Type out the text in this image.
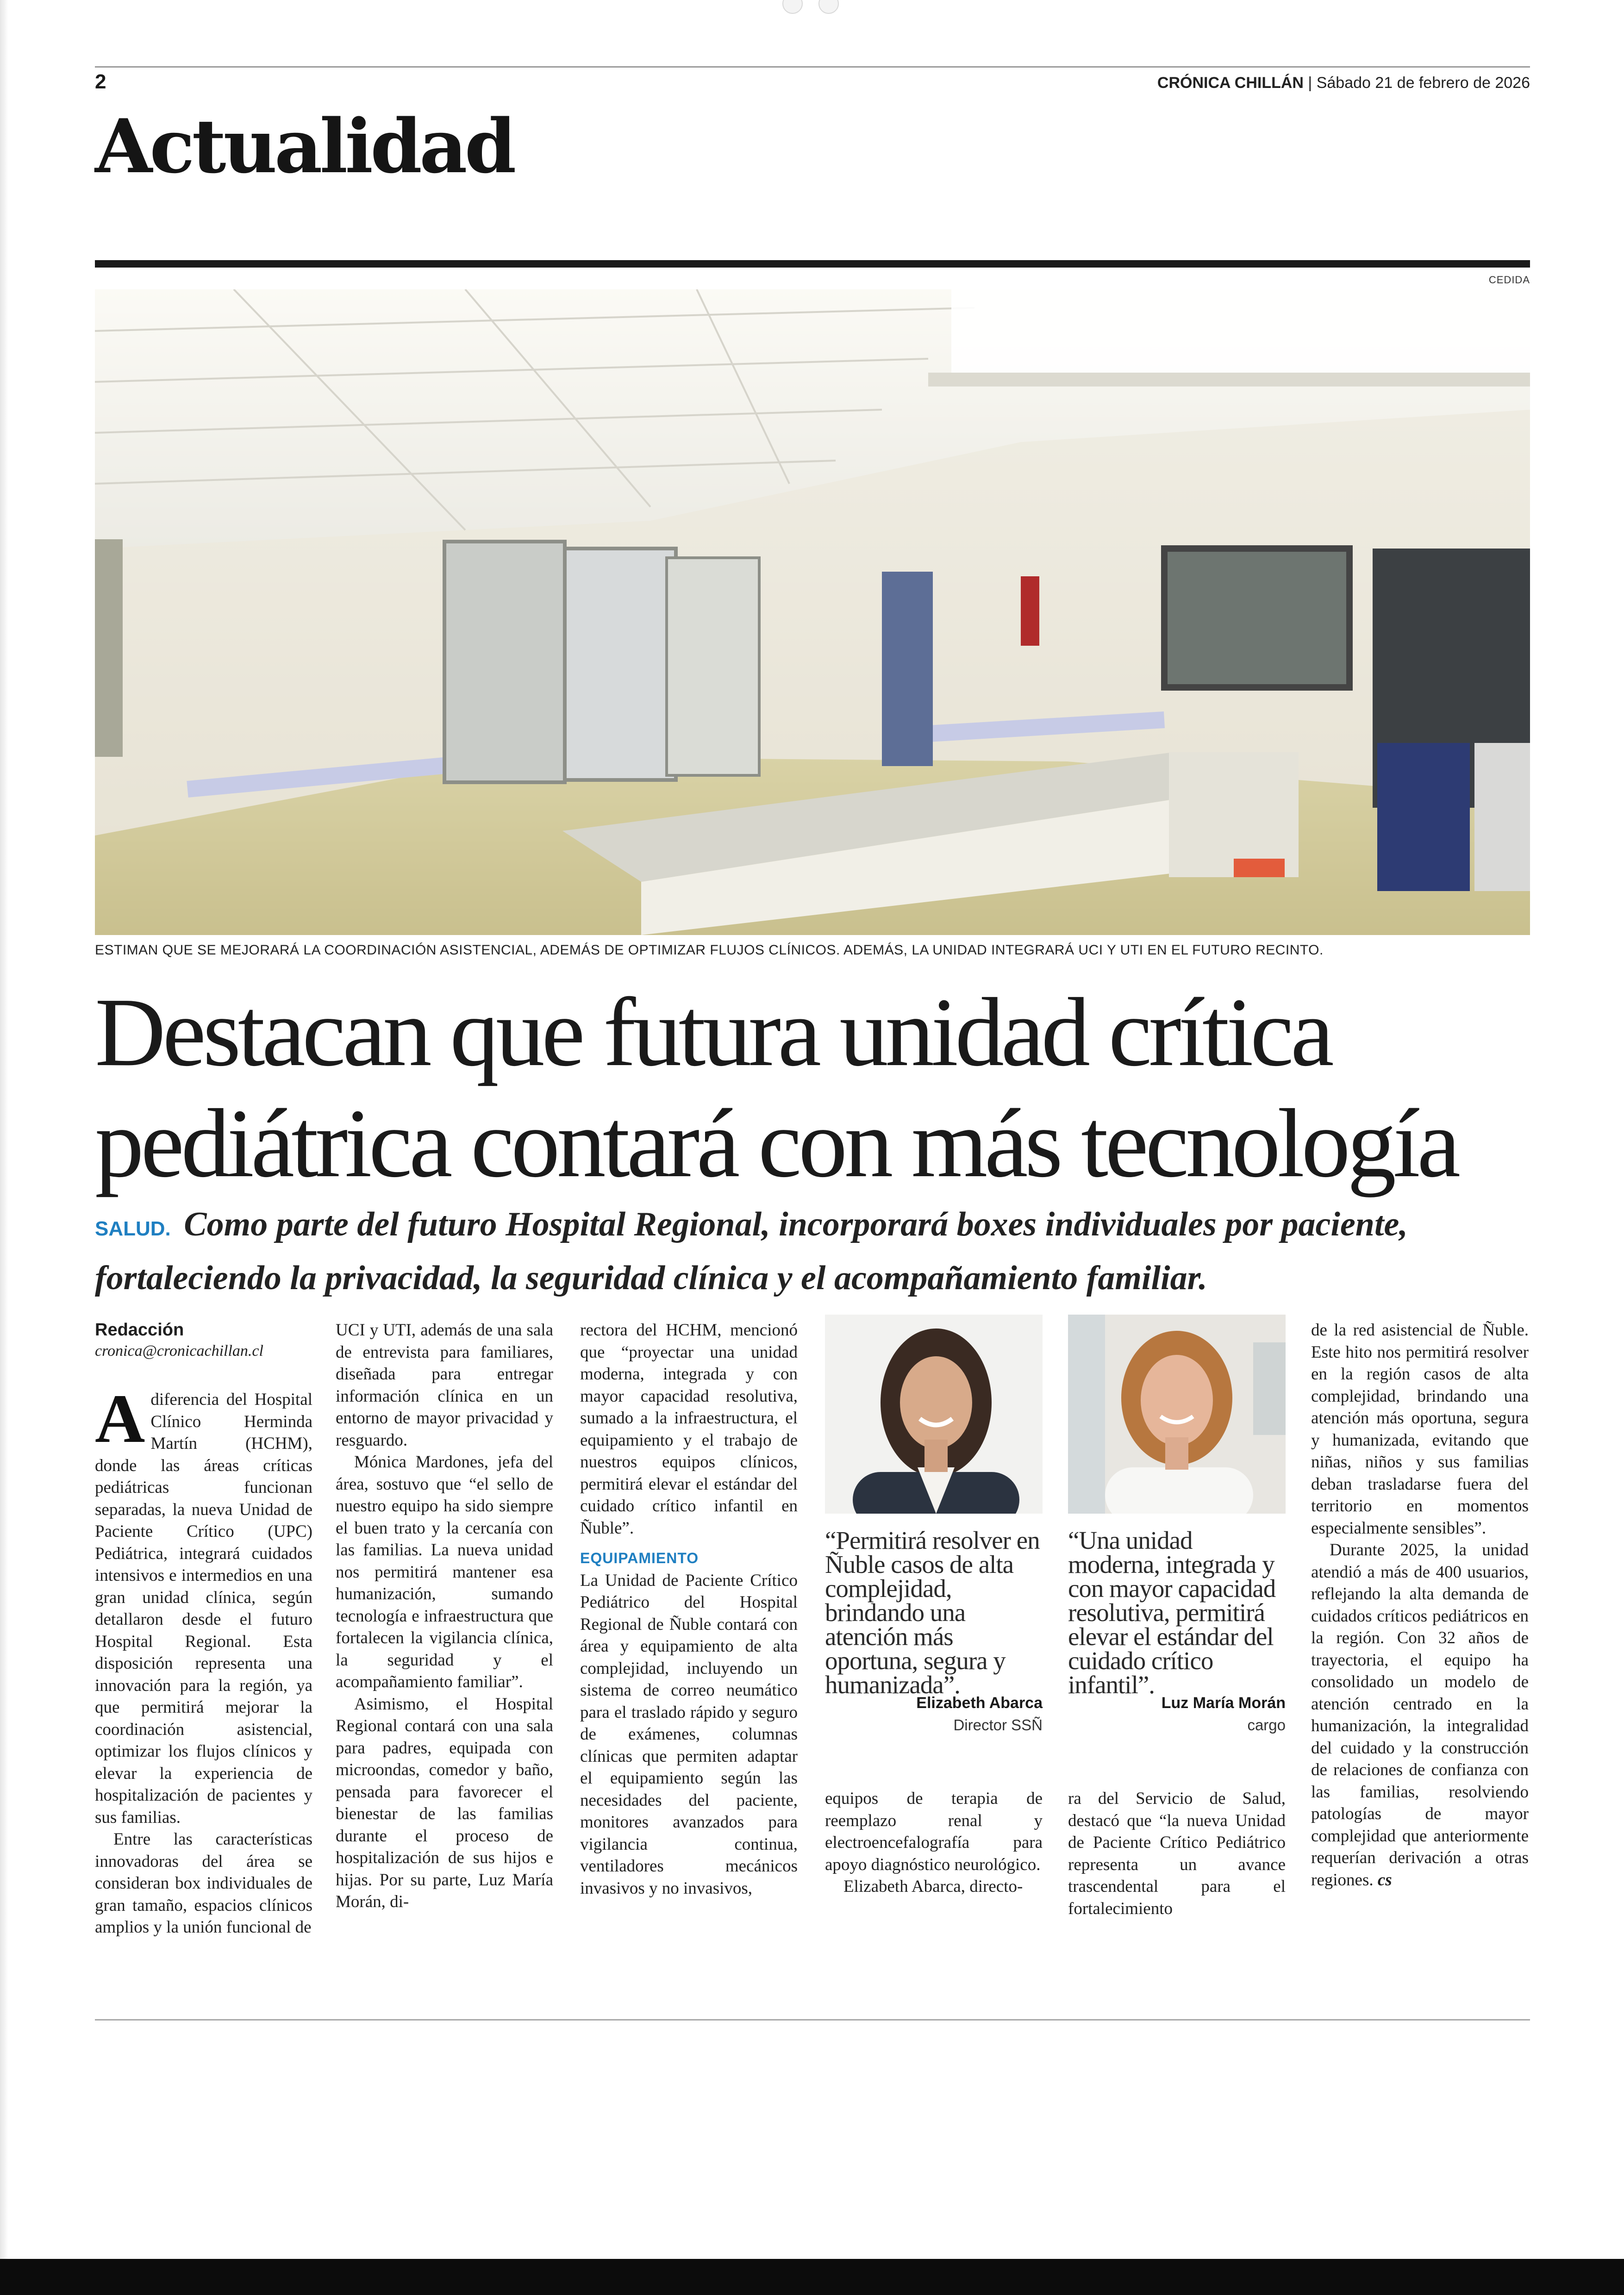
2	CRÓNICA CHILLÁN | Sábado 21 de febrero de 2026
Actualidad
CEDIDA
ESTIMAN QUE SE MEJORARÁ LA COORDINACIÓN ASISTENCIAL, ADEMÁS DE OPTIMIZAR FLUJOS CLÍNICOS. ADEMÁS, LA UNIDAD INTEGRARÁ UCI Y UTI EN EL FUTURO RECINTO.
Destacan que futura unidad crítica
pediátrica contará con más tecnología
SALUD. Como parte del futuro Hospital Regional, incorporará boxes individuales por paciente, fortaleciendo la privacidad, la seguridad clínica y el acompañamiento familiar.
Redacción
cronica@cronicachillan.cl

Adiferencia del Hospital Clínico Herminda Martín (HCHM), donde las áreas críticas pediátricas funcionan separadas, la nueva Unidad de Paciente Crítico (UPC) Pediátrica, integrará cuidados intensivos e intermedios en una gran unidad clínica, según detallaron desde el futuro Hospital Regional. Esta disposición representa una innovación para la región, ya que permitirá mejorar la coordinación asistencial, optimizar los flujos clínicos y elevar la experiencia de hospitalización de pacientes y sus familias.

Entre las características innovadoras del área se consideran box individuales de gran tamaño, espacios clínicos amplios y la unión funcional de

UCI y UTI, además de una sala de entrevista para familiares, diseñada para entregar información clínica en un entorno de mayor privacidad y resguardo.

Mónica Mardones, jefa del área, sostuvo que “el sello de nuestro equipo ha sido siempre el buen trato y la cercanía con las familias. La nueva unidad nos permitirá mantener esa humanización, sumando tecnología e infraestructura que fortalecen la vigilancia clínica, la seguridad y el acompañamiento familiar”.

Asimismo, el Hospital Regional contará con una sala para padres, equipada con microondas, comedor y baño, pensada para favorecer el bienestar de las familias durante el proceso de hospitalización de sus hijos e hijas. Por su parte, Luz María Morán, di-

rectora del HCHM, mencionó que “proyectar una unidad moderna, integrada y con mayor capacidad resolutiva, sumado a la infraestructura, el equipamiento y el trabajo de nuestros equipos clínicos, permitirá elevar el estándar del cuidado crítico infantil en Ñuble”.

EQUIPAMIENTO

La Unidad de Paciente Crítico Pediátrico del Hospital Regional de Ñuble contará con área y equipamiento de alta complejidad, incluyendo un sistema de correo neumático para el traslado rápido y seguro de exámenes, columnas clínicas que permiten adaptar el equipamiento según las necesidades del paciente, monitores avanzados para vigilancia continua, ventiladores mecánicos invasivos y no invasivos,

“Permitirá resolver en Ñuble casos de alta complejidad, brindando una atención más oportuna, segura y humanizada”.
“Una unidad moderna, integrada y con mayor capacidad resolutiva, permitirá elevar el estándar del cuidado crítico infantil”.
Elizabeth Abarca
Director SSÑ
Luz María Morán
cargo

equipos de terapia de reemplazo renal y electroencefalografía para apoyo diagnóstico neurológico.

Elizabeth Abarca, directo-

ra del Servicio de Salud, destacó que “la nueva Unidad de Paciente Crítico Pediátrico representa un avance trascendental para el fortalecimiento

de la red asistencial de Ñuble. Este hito nos permitirá resolver en la región casos de alta complejidad, brindando una atención más oportuna, segura y humanizada, evitando que niñas, niños y sus familias deban trasladarse fuera del territorio en momentos especialmente sensibles”.

Durante 2025, la unidad atendió a más de 400 usuarios, reflejando la alta demanda de cuidados críticos pediátricos en la región. Con 32 años de trayectoria, el equipo ha consolidado un modelo de atención centrado en la humanización, la integralidad del cuidado y la construcción de relaciones de confianza con las familias, resolviendo patologías de mayor complejidad que anteriormente requerían derivación a otras regiones. cs
